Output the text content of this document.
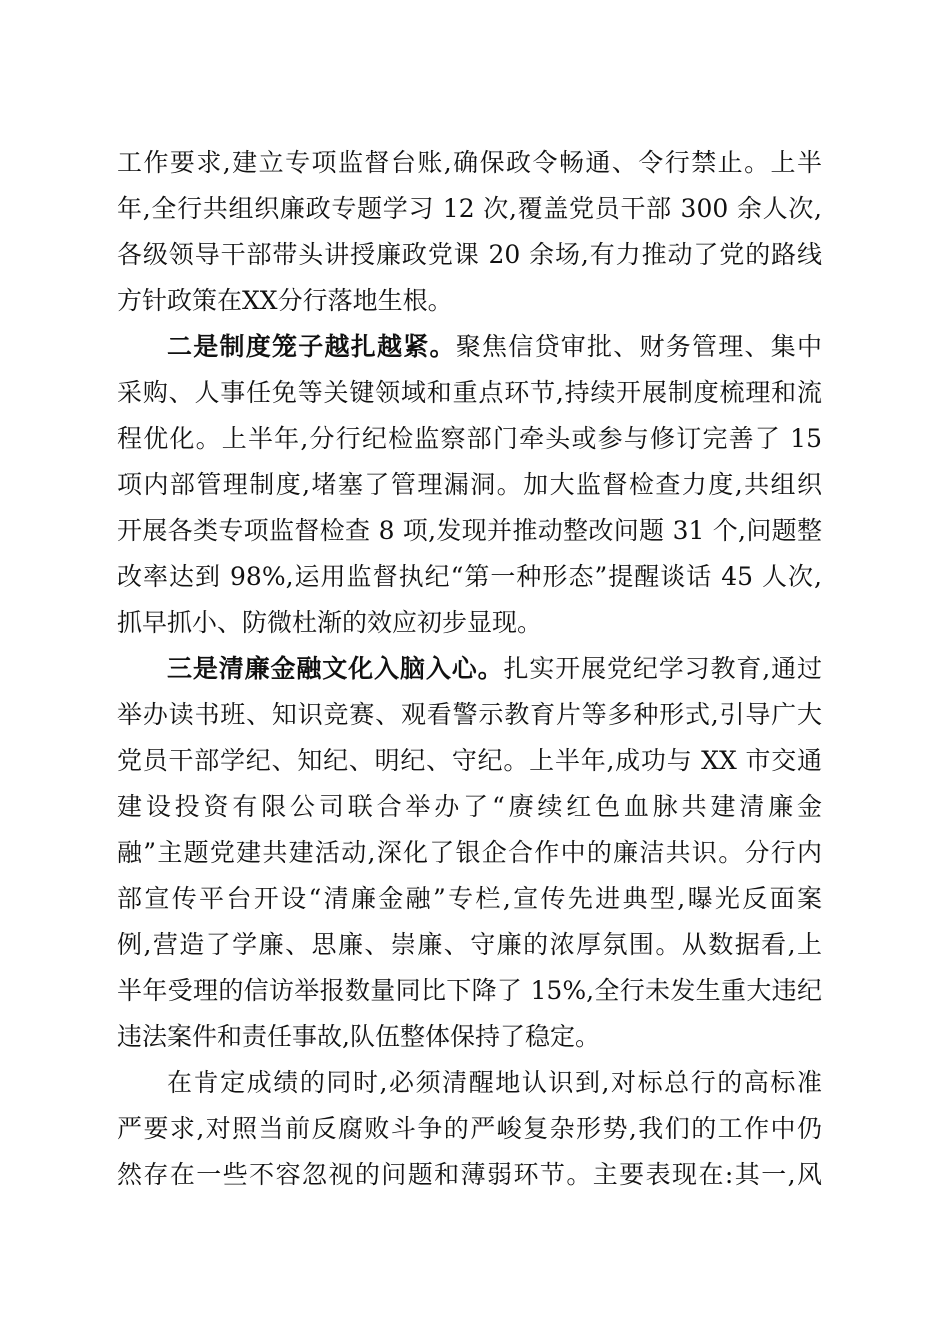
工作要求,建立专项监督台账,确保政令畅通、令行禁止。上半
年,全行共组织廉政专题学习 12 次,覆盖党员干部 300 余人次,
各级领导干部带头讲授廉政党课 20 余场,有力推动了党的路线
方针政策在XX分行落地生根。
二是制度笼子越扎越紧。聚焦信贷审批、财务管理、集中
采购、人事任免等关键领域和重点环节,持续开展制度梳理和流
程优化。上半年,分行纪检监察部门牵头或参与修订完善了 15
项内部管理制度,堵塞了管理漏洞。加大监督检查力度,共组织
开展各类专项监督检查 8 项,发现并推动整改问题 31 个,问题整
改率达到 98%,运用监督执纪“第一种形态”提醒谈话 45 人次,
抓早抓小、防微杜渐的效应初步显现。
三是清廉金融文化入脑入心。扎实开展党纪学习教育,通过
举办读书班、知识竞赛、观看警示教育片等多种形式,引导广大
党员干部学纪、知纪、明纪、守纪。上半年,成功与 XX 市交通
建设投资有限公司联合举办了“赓续红色血脉共建清廉金
融”主题党建共建活动,深化了银企合作中的廉洁共识。分行内
部宣传平台开设“清廉金融”专栏,宣传先进典型,曝光反面案
例,营造了学廉、思廉、崇廉、守廉的浓厚氛围。从数据看,上
半年受理的信访举报数量同比下降了 15%,全行未发生重大违纪
违法案件和责任事故,队伍整体保持了稳定。
在肯定成绩的同时,必须清醒地认识到,对标总行的高标准
严要求,对照当前反腐败斗争的严峻复杂形势,我们的工作中仍
然存在一些不容忽视的问题和薄弱环节。主要表现在:其一,风
